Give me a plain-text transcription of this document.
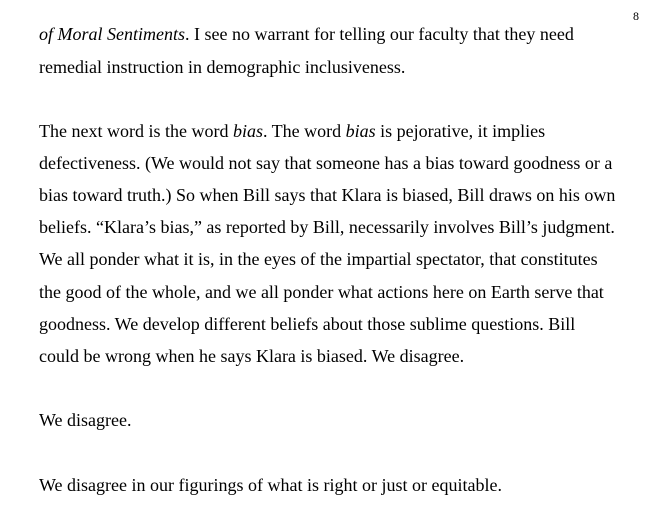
8
of Moral Sentiments. I see no warrant for telling our faculty that they need
remedial instruction in demographic inclusiveness.
The next word is the word bias. The word bias is pejorative, it implies
defectiveness. (We would not say that someone has a bias toward goodness or a
bias toward truth.) So when Bill says that Klara is biased, Bill draws on his own
beliefs. “Klara’s bias,” as reported by Bill, necessarily involves Bill’s judgment.
We all ponder what it is, in the eyes of the impartial spectator, that constitutes
the good of the whole, and we all ponder what actions here on Earth serve that
goodness. We develop different beliefs about those sublime questions. Bill
could be wrong when he says Klara is biased. We disagree.
We disagree.
We disagree in our figurings of what is right or just or equitable.
